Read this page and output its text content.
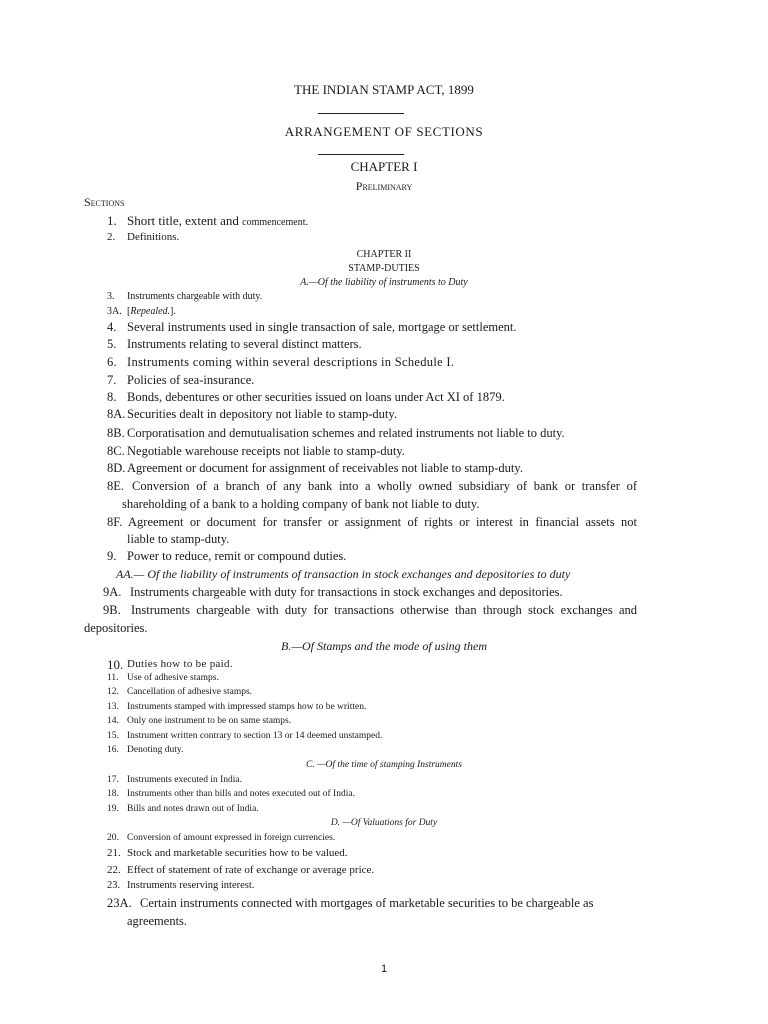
THE INDIAN STAMP ACT, 1899
ARRANGEMENT OF SECTIONS
CHAPTER I
Preliminary
Sections
1. Short title, extent and commencement.
2. Definitions.
CHAPTER II
STAMP-DUTIES
A.—Of the liability of instruments to Duty
3. Instruments chargeable with duty.
3A. [Repealed.].
4. Several instruments used in single transaction of sale, mortgage or settlement.
5. Instruments relating to several distinct matters.
6. Instruments coming within several descriptions in Schedule I.
7. Policies of sea-insurance.
8. Bonds, debentures or other securities issued on loans under Act XI of 1879.
8A. Securities dealt in depository not liable to stamp-duty.
8B. Corporatisation and demutualisation schemes and related instruments not liable to duty.
8C. Negotiable warehouse receipts not liable to stamp-duty.
8D. Agreement or document for assignment of receivables not liable to stamp-duty.
8E. Conversion of a branch of any bank into a wholly owned subsidiary of bank or transfer of
shareholding of a bank to a holding company of bank not liable to duty.
8F. Agreement or document for transfer or assignment of rights or interest in financial assets not
liable to stamp-duty.
9. Power to reduce, remit or compound duties.
AA.— Of the liability of instruments of transaction in stock exchanges and depositories to duty
9A. Instruments chargeable with duty for transactions in stock exchanges and depositories.
9B. Instruments chargeable with duty for transactions otherwise than through stock exchanges and
depositories.
B.—Of Stamps and the mode of using them
10. Duties how to be paid.
11. Use of adhesive stamps.
12. Cancellation of adhesive stamps.
13. Instruments stamped with impressed stamps how to be written.
14. Only one instrument to be on same stamps.
15. Instrument written contrary to section 13 or 14 deemed unstamped.
16. Denoting duty.
C. —Of the time of stamping Instruments
17. Instruments executed in India.
18. Instruments other than bills and notes executed out of India.
19. Bills and notes drawn out of India.
D. —Of Valuations for Duty
20. Conversion of amount expressed in foreign currencies.
21. Stock and marketable securities how to be valued.
22. Effect of statement of rate of exchange or average price.
23. Instruments reserving interest.
23A. Certain instruments connected with mortgages of marketable securities to be chargeable as
agreements.
1
